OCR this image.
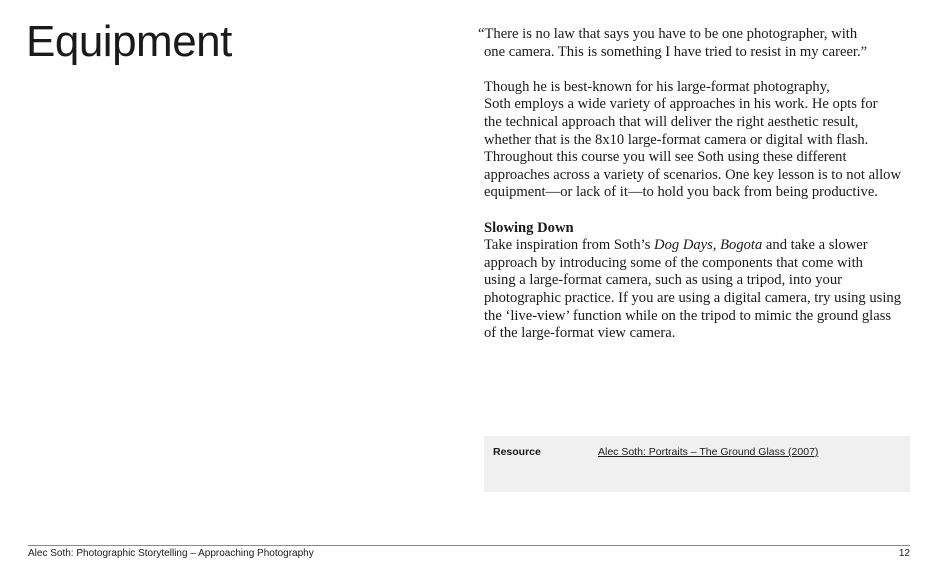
Equipment	“There is no law that says you have to be one photographer, with

one camera. This is something I have tried to resist in my career.”

Though he is best-known for his large-format photography,

Soth employs a wide variety of approaches in his work. He opts for

the technical approach that will deliver the right aesthetic result,

whether that is the 8x10 large-format camera or digital with flash.

Throughout this course you will see Soth using these different

approaches across a variety of scenarios. One key lesson is to not allow

equipment—or lack of it—to hold you back from being productive.

Slowing Down

Take inspiration from Soth’s Dog Days, Bogota and take a slower

approach by introducing some of the components that come with

using a large-format camera, such as using a tripod, into your

photographic practice. If you are using a digital camera, try using using

the ‘live-view’ function while on the tripod to mimic the ground glass

of the large-format view camera.

Resource	Alec Soth: Portraits – The Ground Glass (2007)
Alec Soth: Photographic Storytelling – Approaching Photography	12
